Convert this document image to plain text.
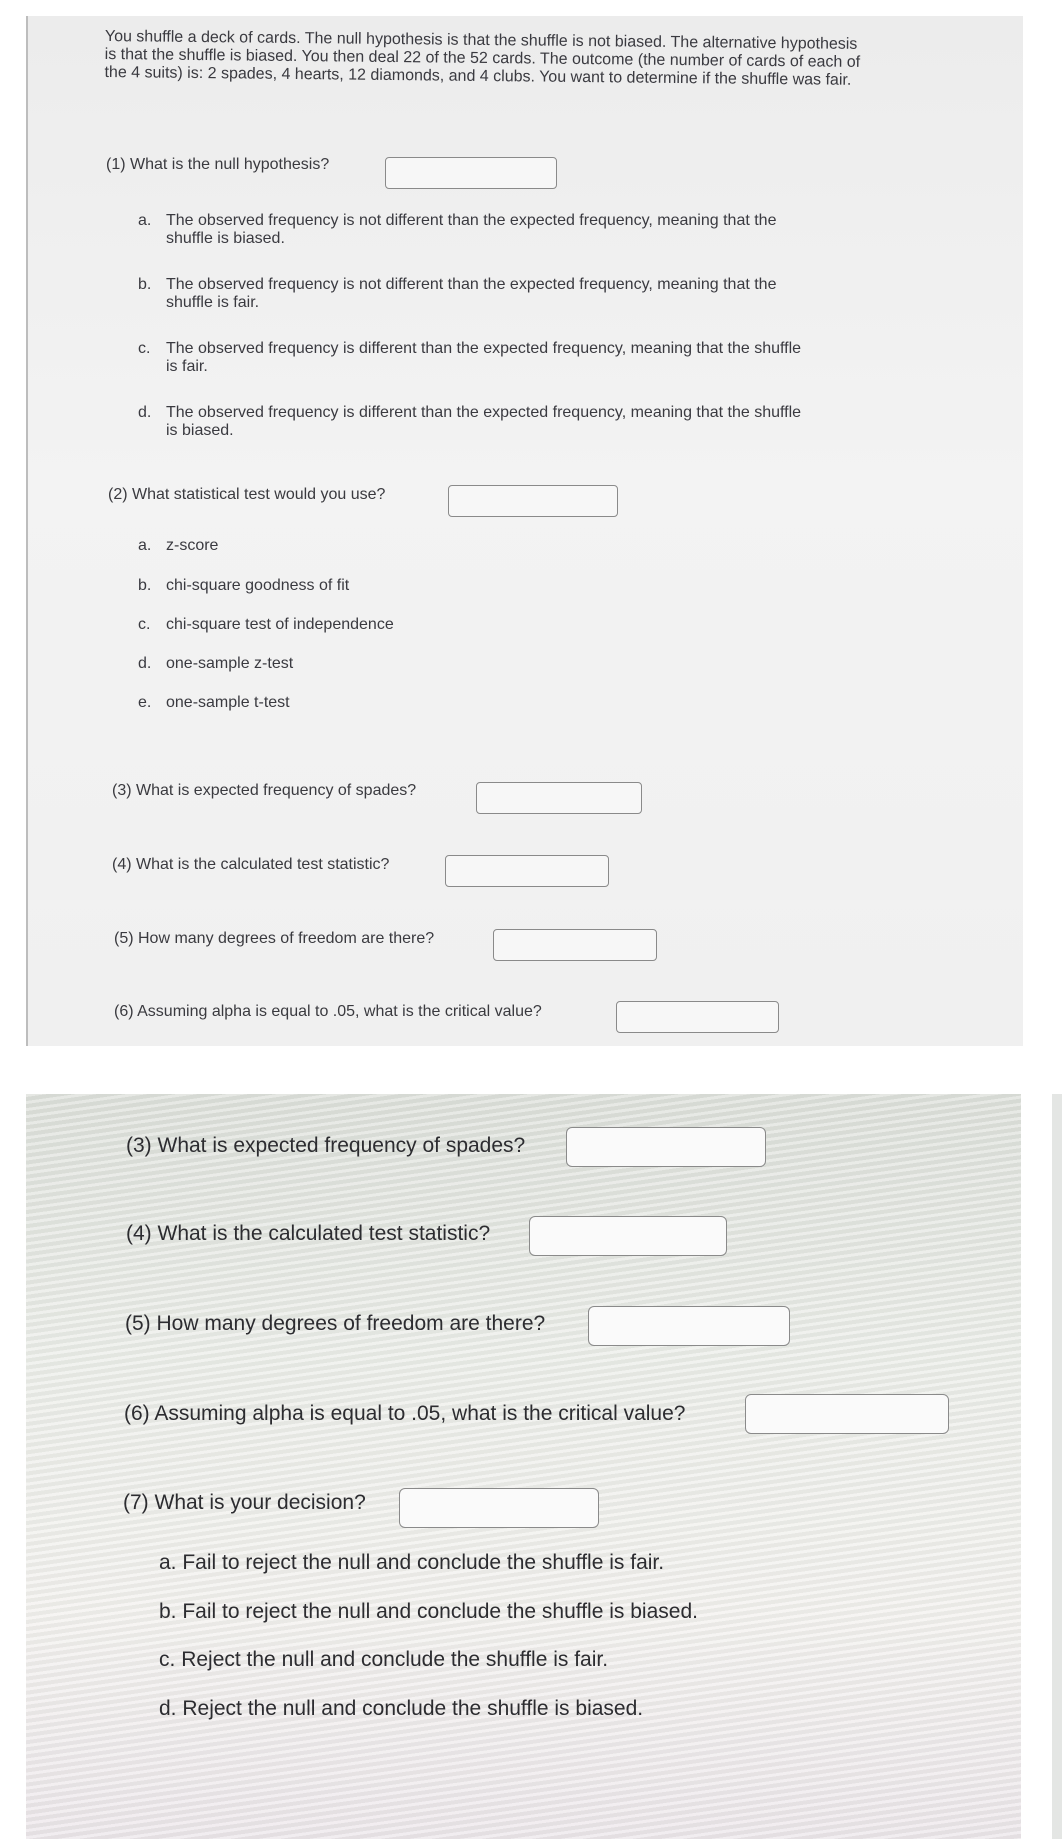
You shuffle a deck of cards. The null hypothesis is that the shuffle is not biased. The alternative hypothesis is that the shuffle is biased. You then deal 22 of the 52 cards. The outcome (the number of cards of each of the 4 suits) is: 2 spades, 4 hearts, 12 diamonds, and 4 clubs. You want to determine if the shuffle was fair.
(1) What is the null hypothesis?
a. The observed frequency is not different than the expected frequency, meaning that the shuffle is biased.
b. The observed frequency is not different than the expected frequency, meaning that the shuffle is fair.
c. The observed frequency is different than the expected frequency, meaning that the shuffle is fair.
d. The observed frequency is different than the expected frequency, meaning that the shuffle is biased.
(2) What statistical test would you use?
a. z-score
b. chi-square goodness of fit
c. chi-square test of independence
d. one-sample z-test
e. one-sample t-test
(3) What is expected frequency of spades?
(4) What is the calculated test statistic?
(5) How many degrees of freedom are there?
(6) Assuming alpha is equal to .05, what is the critical value?
(3) What is expected frequency of spades?
(4) What is the calculated test statistic?
(5) How many degrees of freedom are there?
(6) Assuming alpha is equal to .05, what is the critical value?
(7) What is your decision?
a. Fail to reject the null and conclude the shuffle is fair.
b. Fail to reject the null and conclude the shuffle is biased.
c. Reject the null and conclude the shuffle is fair.
d. Reject the null and conclude the shuffle is biased.
